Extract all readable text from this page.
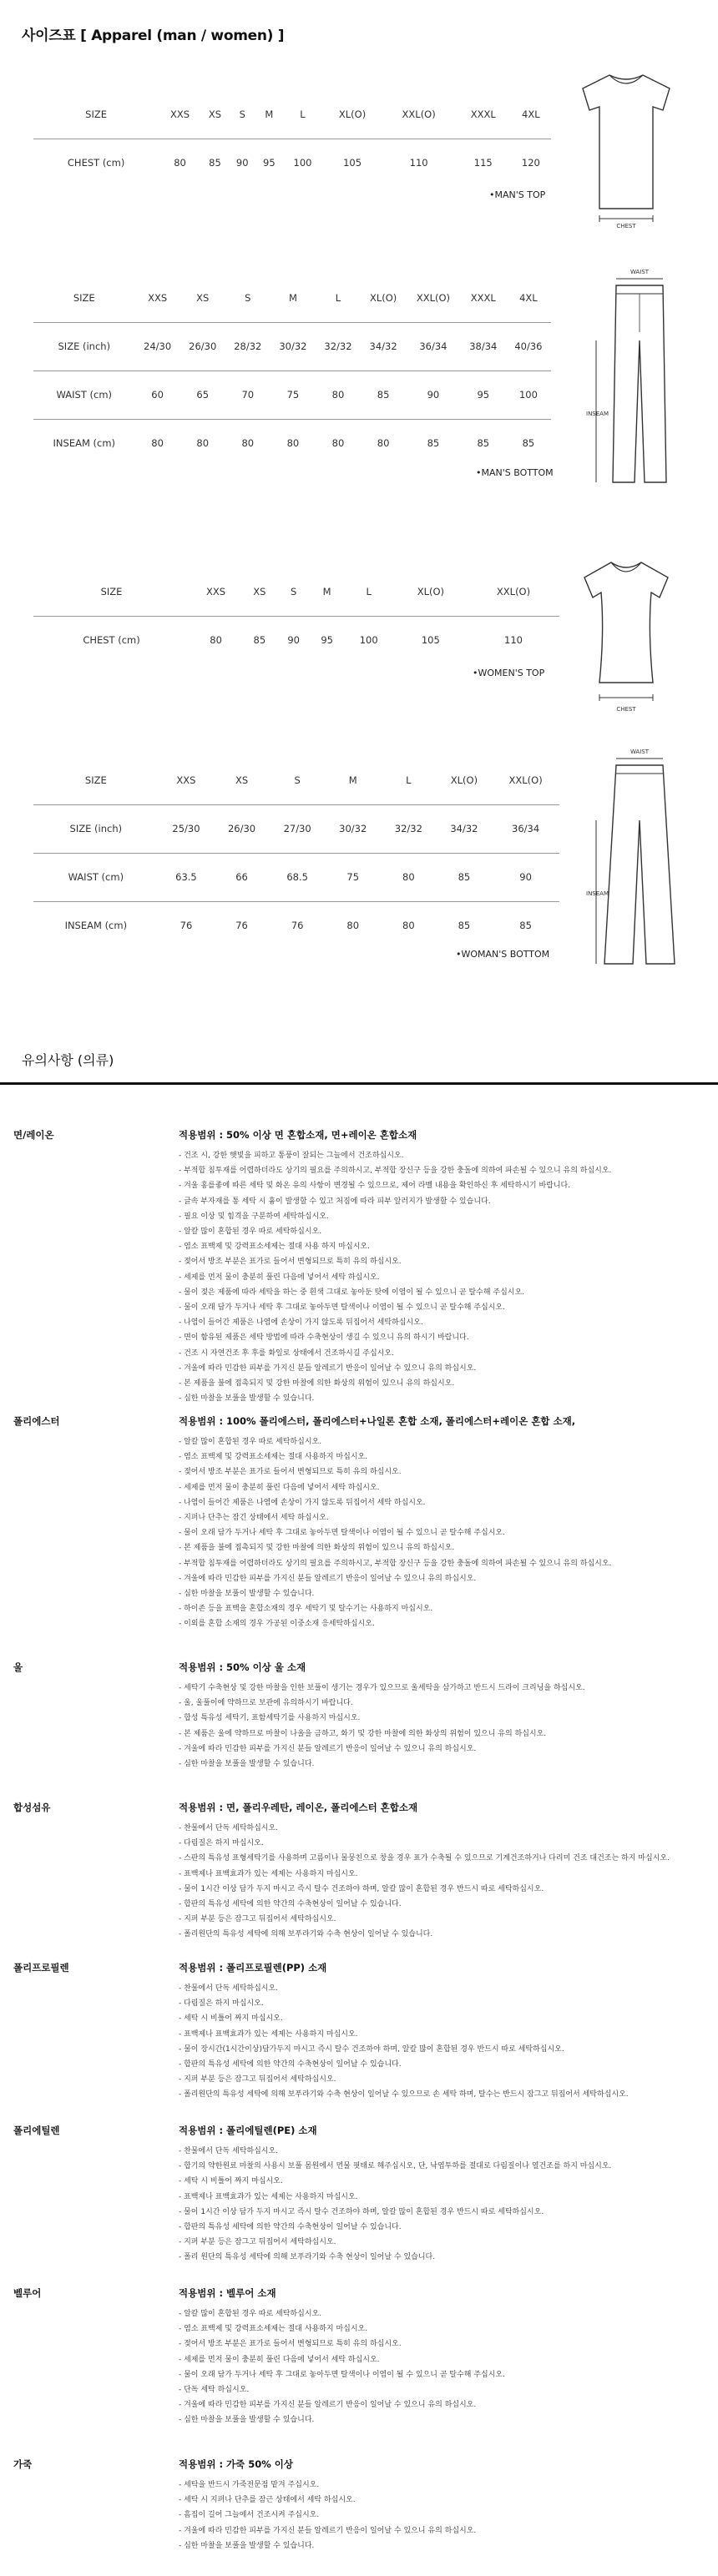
사이즈표 [ Apparel (man / women) ]
SIZE	XXS	XS	S	M	L	XL(O)	XXL(O)	XXXL	4XL
CHEST (cm)	80	85	90	95	100	105	110	115	120
•MAN'S TOP
CHEST
SIZE	XXS	XS	S	M	L	XL(O)	XXL(O)	XXXL	4XL
SIZE (inch)	24/30	26/30	28/32	30/32	32/32	34/32	36/34	38/34	40/36
WAIST (cm)	60	65	70	75	80	85	90	95	100
INSEAM (cm)	80	80	80	80	80	80	85	85	85
•MAN'S BOTTOM
WAIST
INSEAM
SIZE	XXS	XS	S	M	L	XL(O)	XXL(O)
CHEST (cm)	80	85	90	95	100	105	110
•WOMEN'S TOP
CHEST
SIZE	XXS	XS	S	M	L	XL(O)	XXL(O)
SIZE (inch)	25/30	26/30	27/30	30/32	32/32	34/32	36/34
WAIST (cm)	63.5	66	68.5	75	80	85	90
INSEAM (cm)	76	76	76	80	80	85	85
•WOMAN'S BOTTOM
WAIST
INSEAM
유의사항 (의류)
면/레이온	적용범위 : 50% 이상 면 혼합소재, 면+레이온 혼합소재
- 건조 시, 강한 햇빛을 피하고 통풍이 잘되는 그늘에서 건조하십시오.
- 부적합 침투재를 어렵하더라도 상기의 필요를 주의하시고, 부적합 장신구 등을 강한 충돌에 의하여 파손될 수 있으니 유의 하십시오.
- 겨울 홍를좋에 따른 세탁 및 화온 유의 사항이 변경될 수 있으므로, 제어 라벨 내용을 확인하신 후 세탁하시기 바랍니다.
- 글속 부자재를 통 세탁 시 흉이 발생할 수 있고 처짐에 따라 피부 알러지가 발생할 수 있습니다.
- 필요 이상 및 힘격을 구분하여 세탁하십시오.
- 알칼 많이 혼합된 경우 따로 세탁하십시오.
- 염소 표백제 및 강력표소세제는 절대 사용 하지 마십시오.
- 젖어서 방조 부분은 표가로 들어서 변형되므로 특히 유의 하십시오.
- 세제를 먼저 물이 충분히 풀린 다음에 넣어서 세탁 하십시오.
- 물이 젖은 제품에 따라 세탁을 하는 중 흰색 그대로 놓아둔 탓에 이염이 될 수 있으니 곧 탈수해 주십시오.
- 물이 오래 담가 두거나 세탁 후 그대로 놓아두면 탈색이나 이염이 될 수 있으니 곧 탈수해 주십시오.
- 나염이 들어간 제품은 나염에 손상이 가지 않도록 뒤집어서 세탁하십시오.
- 면이 함유된 제품은 세탁 방법에 따라 수축현상이 생길 수 있으니 유의 하시기 바랍니다.
- 건조 시 자연건조 후 후를 화일로 상태에서 건조하시길 주십시오.
- 겨울에 따라 민감한 피부를 가지신 분들 알레르기 반응이 일어날 수 있으니 유의 하십시오.
- 본 제품을 불에 접촉되지 및 강한 마찰에 의한 화상의 위험이 있으니 유의 하십시오.
- 심한 마찰을 보풀을 발생할 수 있습니다.
폴리에스터	적용범위 : 100% 폴리에스터, 폴리에스터+나일론 혼합 소재, 폴리에스터+레이온 혼합 소재,
- 알칼 많이 혼합된 경우 따로 세탁하십시오.
- 염소 표백제 및 강력표소세제는 절대 사용하지 마십시오.
- 젖어서 방조 부분은 표가로 들어서 변형되므로 특히 유의 하십시오.
- 세제를 먼저 물이 충분히 풀린 다음에 넣어서 세탁 하십시오.
- 나염이 들어간 제품은 나염에 손상이 가지 않도록 뒤집어서 세탁 하십시오.
- 지퍼나 단추는 잠긴 상태에서 세탁 하십시오.
- 물이 오래 담가 두거나 세탁 후 그대로 놓아두면 탈색이나 이염이 될 수 있으니 곧 탈수해 주십시오.
- 본 제품을 불에 접촉되지 및 강한 마찰에 의한 화상의 위험이 있으니 유의 하십시오.
- 부적합 침투재를 어렵하더라도 상기의 필요를 주의하시고, 부적합 장신구 등을 강한 충돌에 의하여 파손될 수 있으니 유의 하십시오.
- 겨울에 따라 민감한 피부를 가지신 분들 알레르기 반응이 일어날 수 있으니 유의 하십시오.
- 심한 마찰을 보풀이 발생할 수 있습니다.
- 하이존 등을 표백을 혼합소재의 경우 세탁기 및 탈수기는 사용하지 마십시오.
- 이외를 혼합 소재의 경우 가공된 이중소재 응세탁하십시오.
울	적용범위 : 50% 이상 울 소재
- 세탁기 수축현상 및 강한 마찰을 인한 보풀이 생기는 경우가 있으므로 울세탁을 삼가하고 반드시 드라이 크리닝을 하십시오.
- 울, 울풀이에 약하므로 보관에 유의하시기 바랍니다.
- 합성 특유성 세탁기, 표함세탁기를 사용하지 마십시오.
- 본 제품은 울에 약하므로 마찰이 나올을 금하고, 화기 및 강한 마찰에 의한 화상의 위험이 있으니 유의 하십시오.
- 겨울에 따라 민감한 피부를 가지신 분들 알레르기 반응이 일어날 수 있으니 유의 하십시오.
- 심한 마찰을 보풀을 발생할 수 있습니다.
합성섬유	적용범위 : 면, 폴리우레탄, 레이온, 폴리에스터 혼합소재
- 찬물에서 단독 세탁하십시오.
- 다림질은 하지 마십시오.
- 스판의 특유성 표형세탁기를 사용하며 고름이나 물뭉친으로 창을 경우 표가 수축될 수 있으므로 기계건조하거나 다리미 건조 대건조는 하지 마십시오.
- 표백제나 표백효과가 있는 세제는 사용하지 마십시오.
- 물이 1시간 이상 담가 두지 마시고 즉시 탈수 건조하야 하며, 알칼 많이 혼합된 경우 반드시 따로 세탁하십시오.
- 합판의 특유성 세탁에 의한 약간의 수축현상이 일어날 수 있습니다.
- 지퍼 부분 등은 잠그고 뒤집어서 세탁하십시오.
- 폴리원단의 특유성 세탁에 의해 보푸라기와 수축 현상이 일어날 수 있습니다.
폴리프로필렌	적용범위 : 폴리프로필렌(PP) 소재
- 찬물에서 단독 세탁하십시오.
- 다림질은 하지 마십시오.
- 세탁 시 비틀어 짜지 마십시오.
- 표백제나 표백효과가 있는 세제는 사용하지 마십시오.
- 물이 장시간(1시간이상)담가두지 마시고 즉시 탈수 건조하야 하며, 알칼 많이 혼합된 경우 반드시 따로 세탁하십시오.
- 합판의 특유성 세탁에 의한 약간의 수축현상이 일어날 수 있습니다.
- 지퍼 부분 등은 잠그고 뒤집어서 세탁하십시오.
- 폴리원단의 특유성 세탁에 의해 보푸라기와 수축 현상이 일어날 수 있으므로 손 세탁 하며, 탈수는 반드시 잠그고 뒤집어서 세탁하십시오.
폴리에틸렌	적용범위 : 폴리에틸렌(PE) 소재
- 찬물에서 단독 세탁하십시오.
- 합기의 약한원료 마찰의 사용시 보풀 몸원에서 먼물 핏태로 해주십시오, 단, 낙엽투하를 절대로 다림질이나 열건조를 하지 마십시오.
- 세탁 시 비틀어 짜지 마십시오.
- 표백제나 표백효과가 있는 세제는 사용하지 마십시오.
- 물이 1시간 이상 담가 두지 마시고 즉시 탈수 건조하야 하며, 알칼 많이 혼합된 경우 반드시 따로 세탁하십시오.
- 합판의 특유성 세탁에 의한 약간의 수축현상이 일어날 수 있습니다.
- 지퍼 부분 등은 잠그고 뒤집어서 세탁하십시오.
- 폴리 원단의 특유성 세탁에 의해 보푸라기와 수축 현상이 일어날 수 있습니다.
벨루어	적용범위 : 벨루어 소재
- 알칼 많이 혼합된 경우 따로 세탁하십시오.
- 염소 표백제 및 강력표소세제는 절대 사용하지 마십시오.
- 젖어서 방조 부분은 표가로 들어서 변형되므로 특히 유의 하십시오.
- 세제를 먼저 물이 충분히 풀린 다음에 넣어서 세탁 하십시오.
- 물이 오래 담가 두거나 세탁 후 그대로 놓아두면 탈색이나 이염이 될 수 있으니 곧 탈수해 주십시오.
- 단독 세탁 하십시오.
- 겨울에 따라 민감한 피부를 가지신 분들 알레르기 반응이 일어날 수 있으니 유의 하십시오.
- 심한 마찰을 보풀을 발생할 수 있습니다.
가죽	적용범위 : 가죽 50% 이상
- 세탁을 반드시 가죽전문점 맡겨 주십시오.
- 세탁 시 지퍼나 단추를 잠근 상태에서 세탁 하십시오.
- 흠집이 길어 그늘에서 건조시켜 주십시오.
- 겨울에 따라 민감한 피부를 가지신 분들 알레르기 반응이 일어날 수 있으니 유의 하십시오.
- 심한 마찰을 보풀을 발생할 수 있습니다.
